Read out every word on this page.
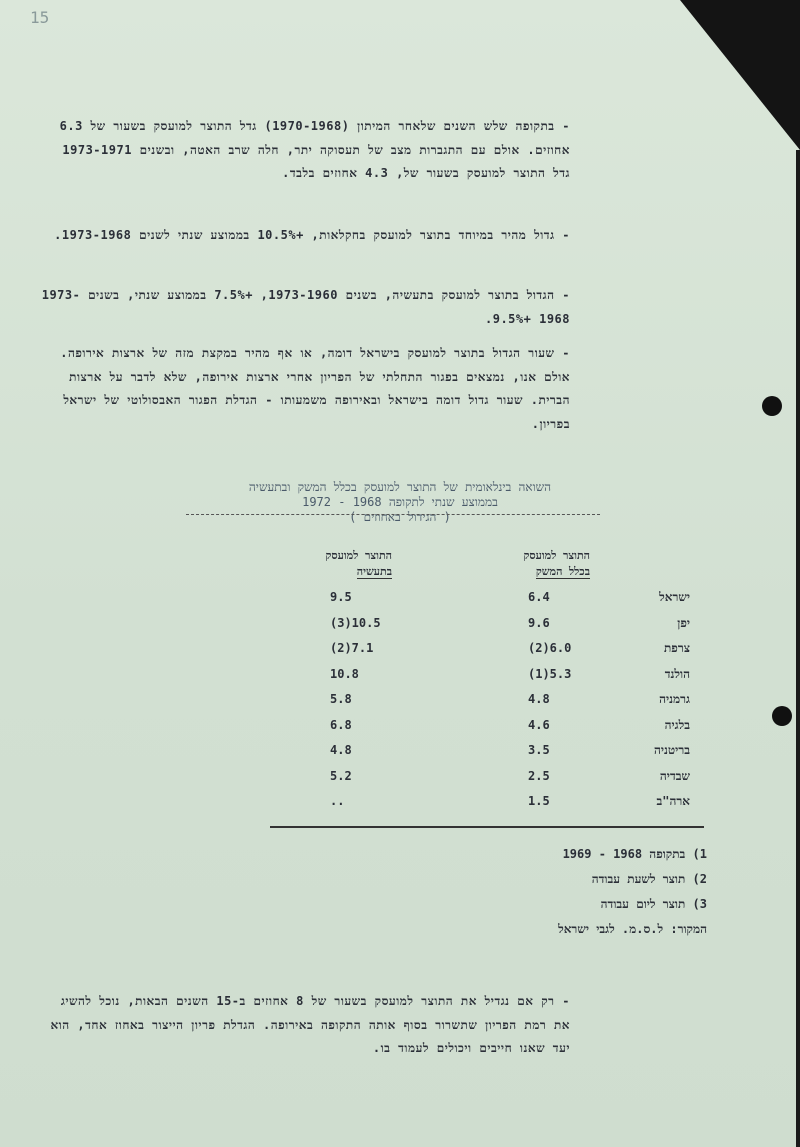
15
- בתקופה שלש השנים שלאחר המיתון (1970-1968) גדל התוצר למועסק בשעור של 6.3 אחוזים. אולם עם התגברות מצב של תעסוקה יתר, חלה שרב האטה, ובשנים 1973-1971 גדל התוצר למועסק בשעור של, 4.3 אחוזים בלבד.
- גדול מהיר במיוחד בתוצר למועסק בחקלאות, +10.5% בממוצע שנתי לשנים 1973-1968.
- הגדול בתוצר למועסק בתעשיה, בשנים 1973-1960, +7.5% בממוצע שנתי, בשנים 1973-1968 +9.5%.
- שעור הגדול בתוצר למועסק בישראל דומה, או אף מהיר במקצת מזה של ארצות אירופה. אולם אנו, נמצאים בפגור התחלתי של הפריון אחרי ארצות אירופה, שלא לדבר על ארצות הברית. שעור גדול דומה בישראל ובאירופה משמעותו - הגדלת הפגור האבסולוטי של ישראל בפריון.
השואה בינלאומית של התוצר למועסק בכלל המשק ובתעשיה
בממוצע שנתי לתקופה 1968 - 1972
( הגידול באחוזים )
התוצר למועסק
בתעשיה
התוצר למועסק
בכלל המשק
ישראל
6.4
9.5
יפן
9.6
(3)10.5
צרפת
(2)6.0
(2)7.1
הולנד
(1)5.3
10.8
גרמניה
4.8
5.8
בלגיה
4.6
6.8
בריטניה
3.5
4.8
שבדיה
2.5
5.2
ארה"ב
1.5
..
1) בתקופה 1968 - 1969
2) תוצר לשעת עבודה
3) תוצר ליום עבודה
המקור: ל.ס.מ. לגבי ישראל
- רק אם נגדיל את התוצר למועסק בשעור של 8 אחוזים ב-15 השנים הבאות, נוכל להשיג את רמת הפריון שתשרור בסוף אותה התקופה באירופה. הגדלת פריון הייצור באחוז אחד, הוא יעד שאנו חייבים ויכולים לעמוד בו.
